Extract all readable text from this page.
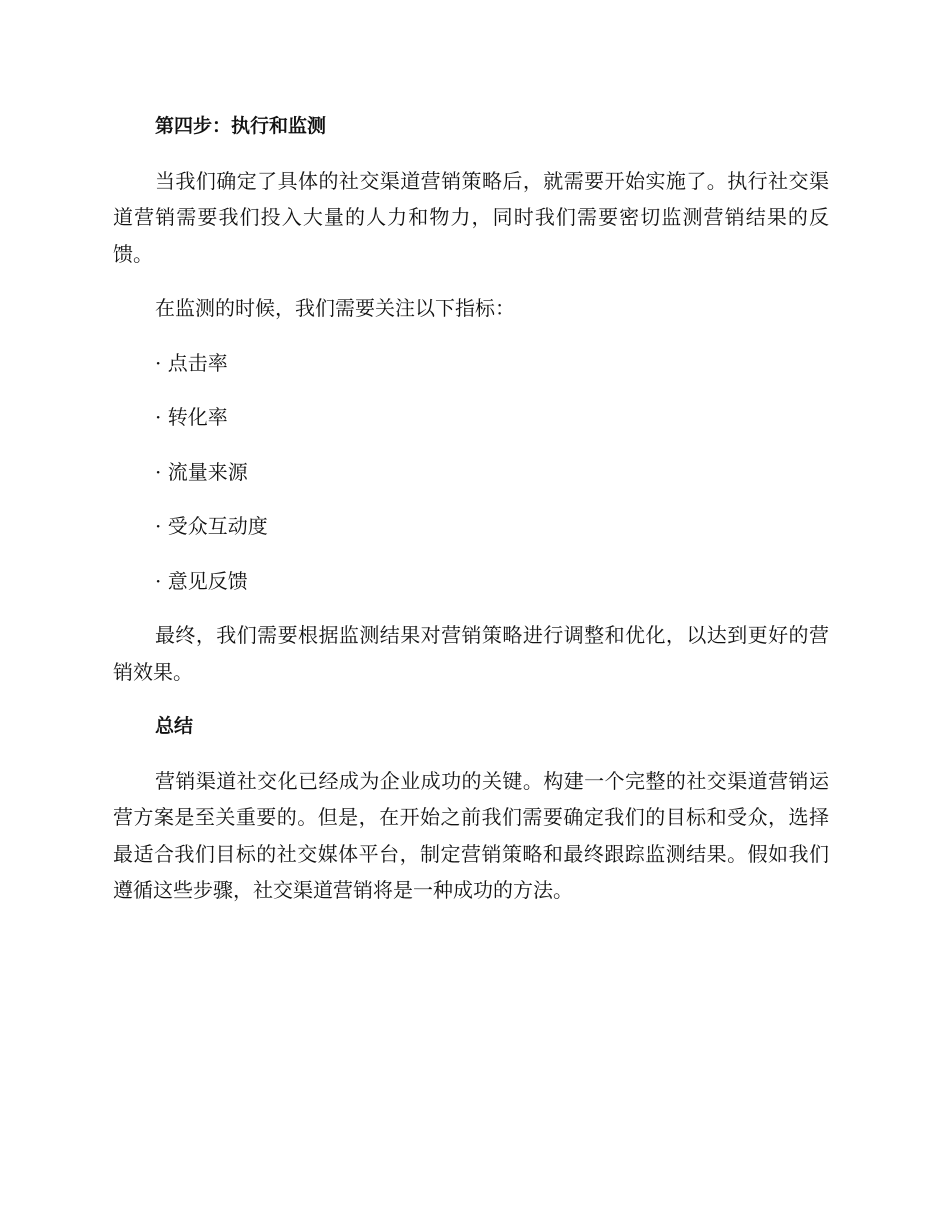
第四步：执行和监测

当我们确定了具体的社交渠道营销策略后，就需要开始实施了。执行社交渠道营销需要我们投入大量的人力和物力，同时我们需要密切监测营销结果的反馈。

在监测的时候，我们需要关注以下指标：

· 点击率
· 转化率
· 流量来源
· 受众互动度
· 意见反馈

最终，我们需要根据监测结果对营销策略进行调整和优化，以达到更好的营销效果。

总结

营销渠道社交化已经成为企业成功的关键。构建一个完整的社交渠道营销运营方案是至关重要的。但是，在开始之前我们需要确定我们的目标和受众，选择最适合我们目标的社交媒体平台，制定营销策略和最终跟踪监测结果。假如我们遵循这些步骤，社交渠道营销将是一种成功的方法。
